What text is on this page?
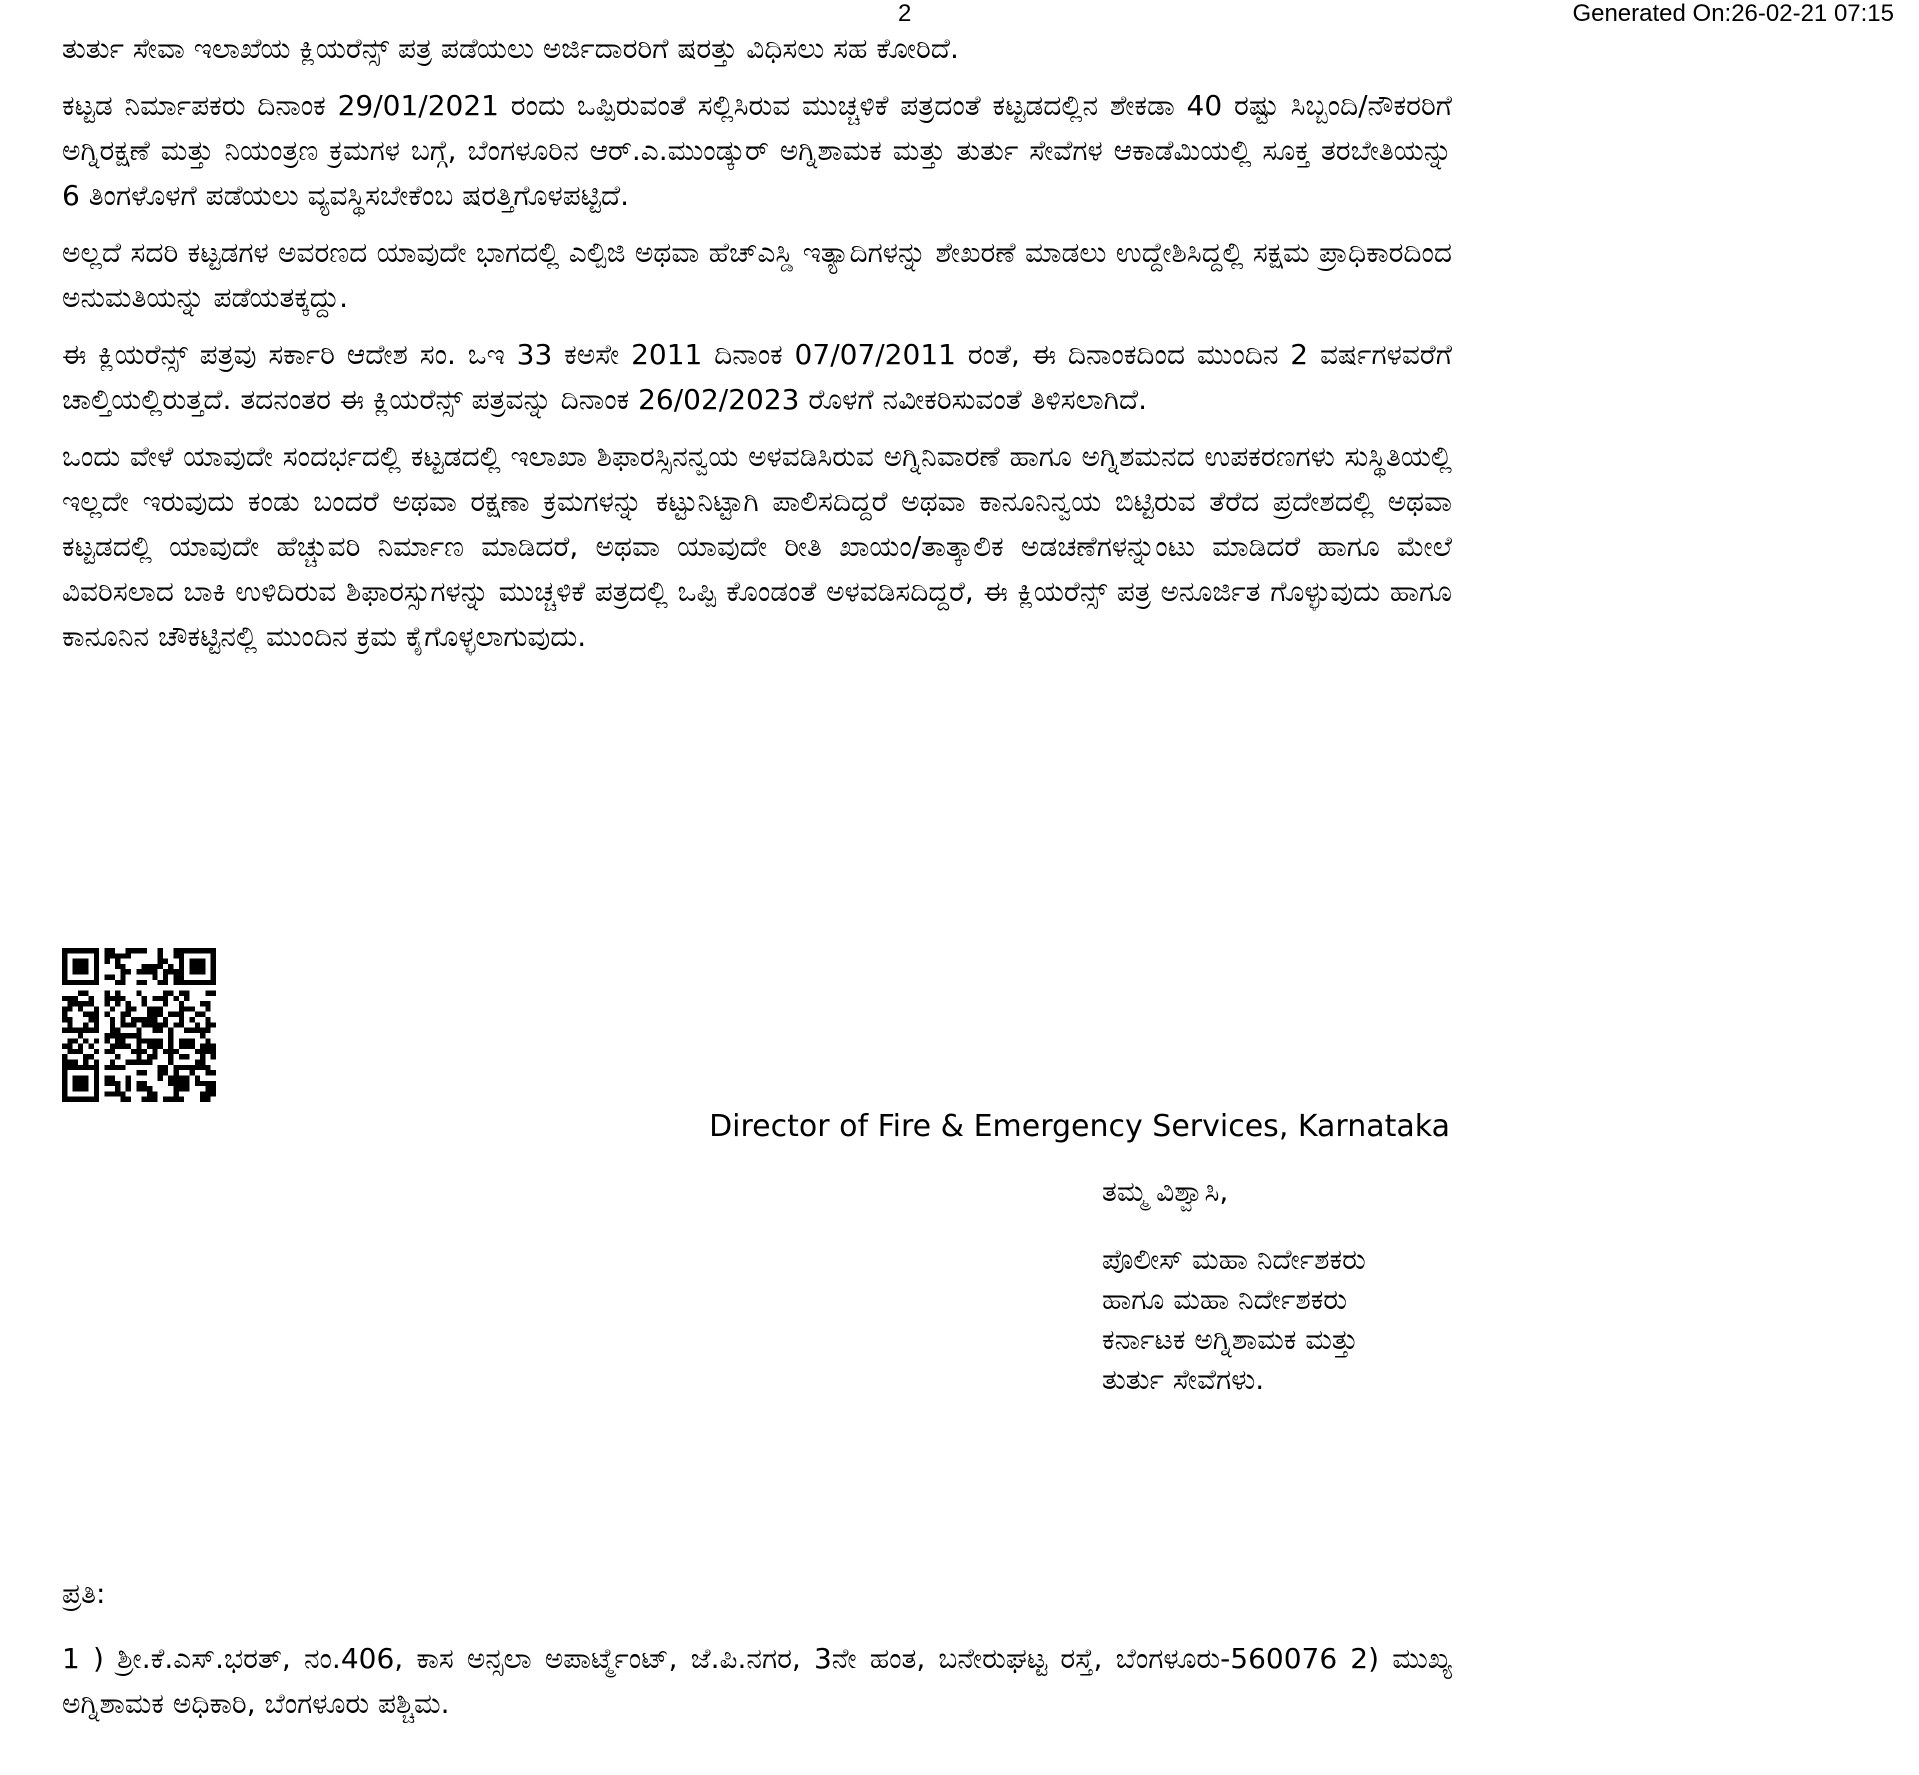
2	Generated On:26-02-21 07:15

ತುರ್ತು ಸೇವಾ ಇಲಾಖೆಯ ಕ್ಲಿಯರೆನ್ಸ್ ಪತ್ರ ಪಡೆಯಲು ಅರ್ಜಿದಾರರಿಗೆ ಷರತ್ತು ವಿಧಿಸಲು ಸಹ ಕೋರಿದೆ.

ಕಟ್ಟಡ ನಿರ್ಮಾಪಕರು ದಿನಾಂಕ 29/01/2021 ರಂದು ಒಪ್ಪಿರುವಂತೆ ಸಲ್ಲಿಸಿರುವ ಮುಚ್ಚಳಿಕೆ ಪತ್ರದಂತೆ ಕಟ್ಟಡದಲ್ಲಿನ ಶೇಕಡಾ 40 ರಷ್ಟು ಸಿಬ್ಬಂದಿ/ನೌಕರರಿಗೆ ಅಗ್ನಿರಕ್ಷಣೆ ಮತ್ತು ನಿಯಂತ್ರಣ ಕ್ರಮಗಳ ಬಗ್ಗೆ, ಬೆಂಗಳೂರಿನ ಆರ್.ಎ.ಮುಂಡ್ಕುರ್ ಅಗ್ನಿಶಾಮಕ ಮತ್ತು ತುರ್ತು ಸೇವೆಗಳ ಆಕಾಡೆಮಿಯಲ್ಲಿ ಸೂಕ್ತ ತರಬೇತಿಯನ್ನು 6 ತಿಂಗಳೊಳಗೆ ಪಡೆಯಲು ವ್ಯವಸ್ಥಿಸಬೇಕೆಂಬ ಷರತ್ತಿಗೊಳಪಟ್ಟಿದೆ.

ಅಲ್ಲದೆ ಸದರಿ ಕಟ್ಟಡಗಳ ಅವರಣದ ಯಾವುದೇ ಭಾಗದಲ್ಲಿ ಎಲ್ಪಿಜಿ ಅಥವಾ ಹೆಚ್ಎಸ್ಡಿ ಇತ್ಯಾದಿಗಳನ್ನು ಶೇಖರಣೆ ಮಾಡಲು ಉದ್ದೇಶಿಸಿದ್ದಲ್ಲಿ ಸಕ್ಷಮ ಪ್ರಾಧಿಕಾರದಿಂದ ಅನುಮತಿಯನ್ನು ಪಡೆಯತಕ್ಕದ್ದು.

ಈ ಕ್ಲಿಯರೆನ್ಸ್ ಪತ್ರವು ಸರ್ಕಾರಿ ಆದೇಶ ಸಂ. ಒಇ 33 ಕಅಸೇ 2011 ದಿನಾಂಕ 07/07/2011 ರಂತೆ, ಈ ದಿನಾಂಕದಿಂದ ಮುಂದಿನ 2 ವರ್ಷಗಳವರೆಗೆ ಚಾಲ್ತಿಯಲ್ಲಿರುತ್ತದೆ. ತದನಂತರ ಈ ಕ್ಲಿಯರೆನ್ಸ್ ಪತ್ರವನ್ನು ದಿನಾಂಕ 26/02/2023 ರೊಳಗೆ ನವೀಕರಿಸುವಂತೆ ತಿಳಿಸಲಾಗಿದೆ.

ಒಂದು ವೇಳೆ ಯಾವುದೇ ಸಂದರ್ಭದಲ್ಲಿ ಕಟ್ಟಡದಲ್ಲಿ ಇಲಾಖಾ ಶಿಫಾರಸ್ಸಿನನ್ವಯ ಅಳವಡಿಸಿರುವ ಅಗ್ನಿನಿವಾರಣೆ ಹಾಗೂ ಅಗ್ನಿಶಮನದ ಉಪಕರಣಗಳು ಸುಸ್ಥಿತಿಯಲ್ಲಿ ಇಲ್ಲದೇ ಇರುವುದು ಕಂಡು ಬಂದರೆ ಅಥವಾ ರಕ್ಷಣಾ ಕ್ರಮಗಳನ್ನು ಕಟ್ಟುನಿಟ್ಟಾಗಿ ಪಾಲಿಸದಿದ್ದರೆ ಅಥವಾ ಕಾನೂನಿನ್ವಯ ಬಿಟ್ಟಿರುವ ತೆರೆದ ಪ್ರದೇಶದಲ್ಲಿ ಅಥವಾ ಕಟ್ಟಡದಲ್ಲಿ ಯಾವುದೇ ಹೆಚ್ಚುವರಿ ನಿರ್ಮಾಣ ಮಾಡಿದರೆ, ಅಥವಾ ಯಾವುದೇ ರೀತಿ ಖಾಯಂ/ತಾತ್ಕಾಲಿಕ ಅಡಚಣೆಗಳನ್ನುಂಟು ಮಾಡಿದರೆ ಹಾಗೂ ಮೇಲೆ ವಿವರಿಸಲಾದ ಬಾಕಿ ಉಳಿದಿರುವ ಶಿಫಾರಸ್ಸುಗಳನ್ನು ಮುಚ್ಚಳಿಕೆ ಪತ್ರದಲ್ಲಿ ಒಪ್ಪಿ ಕೊಂಡಂತೆ ಅಳವಡಿಸದಿದ್ದರೆ, ಈ ಕ್ಲಿಯರೆನ್ಸ್ ಪತ್ರ ಅನೂರ್ಜಿತ ಗೊಳ್ಳುವುದು ಹಾಗೂ ಕಾನೂನಿನ ಚೌಕಟ್ಟಿನಲ್ಲಿ ಮುಂದಿನ ಕ್ರಮ ಕೈಗೊಳ್ಳಲಾಗುವುದು.

Director of Fire & Emergency Services, Karnataka
ತಮ್ಮ ವಿಶ್ವಾಸಿ,
ಪೊಲೀಸ್ ಮಹಾ ನಿರ್ದೇಶಕರು
ಹಾಗೂ ಮಹಾ ನಿರ್ದೇಶಕರು
ಕರ್ನಾಟಕ ಅಗ್ನಿಶಾಮಕ ಮತ್ತು
ತುರ್ತು ಸೇವೆಗಳು.
ಪ್ರತಿ:
1 ) ಶ್ರೀ.ಕೆ.ಎಸ್.ಭರತ್, ನಂ.406, ಕಾಸ ಅನ್ಸಲಾ ಅಪಾರ್ಟ್ಮೆಂಟ್, ಜೆ.ಪಿ.ನಗರ, 3ನೇ ಹಂತ, ಬನೇರುಘಟ್ಟ ರಸ್ತೆ, ಬೆಂಗಳೂರು-560076 2) ಮುಖ್ಯ ಅಗ್ನಿಶಾಮಕ ಅಧಿಕಾರಿ, ಬೆಂಗಳೂರು ಪಶ್ಚಿಮ.
